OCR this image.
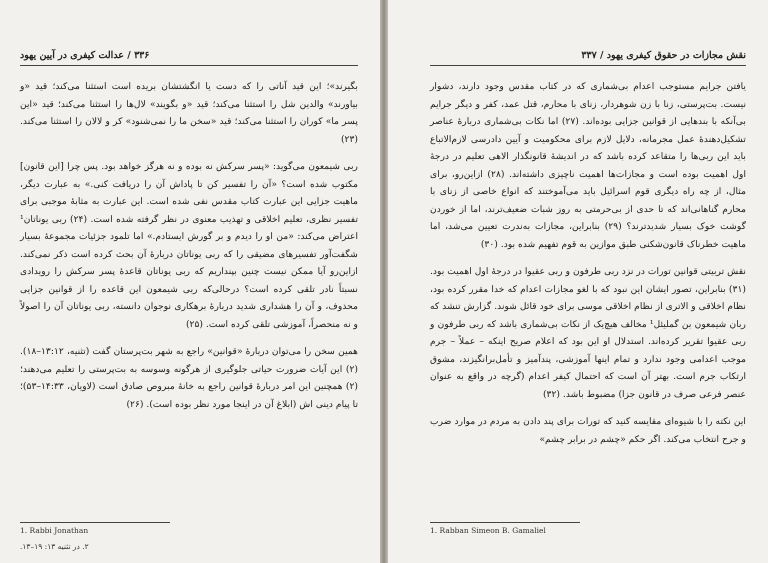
۳۳۶ / عدالت کیفری در آیین یهود

بگیرند»؛ این قید آناتی را که دست یا انگشتشان بریده است استثنا می‌کند؛ قید «و بیاورند» والدین شل را استثنا می‌کند؛ قید «و بگویند» لال‌ها را استثنا می‌کند؛ قید «این پسر ما» کوران را استثنا می‌کند؛ قید «سخن ما را نمی‌شنود» کر و لالان را استثنا می‌کند. (۲۳)

ربی شیمعون می‌گوید: «پسر سرکش نه بوده و نه هرگز خواهد بود. پس چرا [این قانون] مکتوب شده است؟ «آن را تفسیر کن تا پاداش آن را دریافت کنی.» به عبارت دیگر، ماهیت جزایی این عبارت کتاب مقدس نفی شده است. این عبارت به مثابهٔ موجبی برای تفسیر نظری، تعلیم اخلاقی و تهذیب معنوی در نظر گرفته شده است. (۲۴) ربی یوناتان¹ اعتراض می‌کند: «من او را دیدم و بر گورش ایستادم.» اما تلمود جزئیات مجموعهٔ بسیار شگفت‌آور تفسیرهای مضیقی را که ربی یوناتان دربارهٔ آن بحث کرده است ذکر نمی‌کند. ازاین‌رو آیا ممکن نیست چنین بپنداریم که ربی یوناتان قاعدهٔ پسر سرکش را رویدادی نسبتاً نادر تلقی کرده است؟ درحالی‌که ربی شیمعون این قاعده را از قوانین جزایی محذوف، و آن را هشداری شدید دربارهٔ برهکاری نوجوان دانسته، ربی یوناتان آن را اصولاً و نه منحصراً، آموزشی تلقی کرده است. (۲۵)

همین سخن را می‌توان دربارهٔ «قوانین» راجع به شهر بت‌پرستان گفت (تثنیه، ۱۳:۱۲–۱۸). (۲) این آیات ضرورت حیاتی جلوگیری از هرگونه وسوسه به بت‌پرستی را تعلیم می‌دهند؛ (۲) همچنین این امر دربارهٔ قوانین راجع به خانهٔ مبروص صادق است (لاویان، ۱۴:۳۳–۵۳)؛ تا پیام دینی اش (ابلاغ آن در اینجا مورد نظر بوده است). (۲۶)

1. Rabbi Jonathan
۲. در تثنیه ۱۳: ۱۹–۱۳.
نقش مجازات در حقوق کیفری یهود / ۳۳۷

یافتن جرایم مستوجب اعدام بی‌شماری که در کتاب مقدس وجود دارند، دشوار نیست. بت‌پرستی، زنا با زن شوهردار، زنای با محارم، قتل عمد، کفر و دیگر جرایم بی‌آنکه با بندهایی از قوانین جزایی بوده‌اند. (۲۷) اما نکات بی‌شماری دربارهٔ عناصر تشکیل‌دهندهٔ عمل مجرمانه، دلایل لازم برای محکومیت و آیین دادرسی لازم‌الاتباع باید این ربی‌ها را متقاعد کرده باشد که در اندیشهٔ قانونگذار الاهی تعلیم در درجهٔ اول اهمیت بوده است و مجازات‌ها اهمیت ناچیزی داشته‌اند. (۲۸) ازاین‌رو، برای مثال، از چه راه دیگری قوم اسرائیل باید می‌آموختند که انواع خاصی از زنای با محارم گناهانی‌اند که تا حدی از بی‌حرمتی به روز شبات ضعیف‌ترند، اما از خوردن گوشت خوک بسیار شدیدترند؟ (۲۹) بنابراین، مجازات به‌ندرت تعیین می‌شد، اما ماهیت خطرناک قانون‌شکنی طبق موازین به قوم تفهیم شده بود. (۳۰)

نقش تربیتی قوانین تورات در نزد ربی طرفون و ربی عقیوا در درجهٔ اول اهمیت بود. (۳۱) بنابراین، تصور ایشان این نبود که با لغو مجازات اعدام که خدا مقرر کرده بود، نظام اخلاقی و الاتری از نظام اخلاقی موسی برای خود قائل شوند. گزارش تنشد که ربان شیمعون بن گملیئل¹ مخالف هیچ‌یک از نکات بی‌شماری باشد که ربی طرفون و ربی عقیوا تقریر کرده‌اند. استدلال او این بود که اعلام صریح اینکه – عملاً – جرم موجب اعدامی وجود ندارد و تمام اینها آموزشی، پندآمیز و تأمل‌برانگیزند، مشوق ارتکاب جرم است. بهتر آن است که احتمال کیفر اعدام (گرچه در واقع به عنوان عنصر فرعی صرف در قانون جزا) مضبوط باشد. (۳۲)

این نکته را با شیوه‌ای مقایسه کنید که تورات برای پند دادن به مردم در موارد ضرب و جرح انتخاب می‌کند. اگر حکم «چشم در برابر چشم»

1. Rabban Simeon B. Gamaliel
